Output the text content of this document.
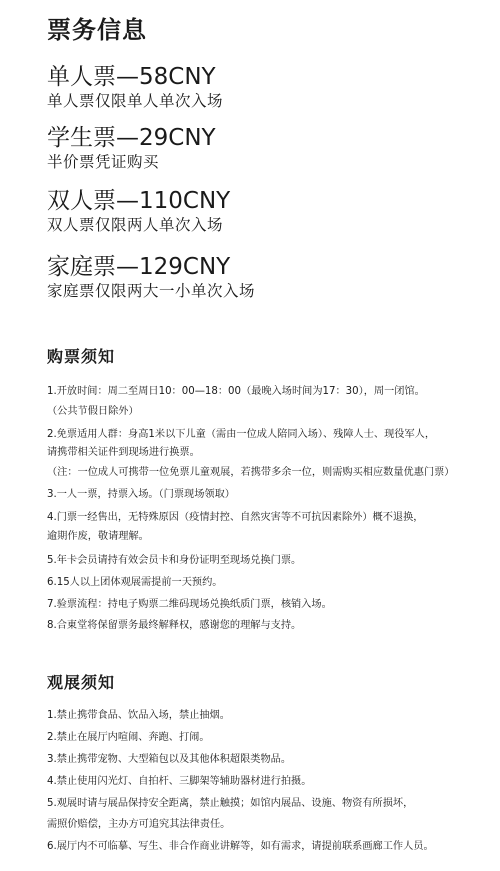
票务信息
单人票—58CNY
单人票仅限单人单次入场
学生票—29CNY
半价票凭证购买
双人票—110CNY
双人票仅限两人单次入场
家庭票—129CNY
家庭票仅限两大一小单次入场
购票须知
1.开放时间：周二至周日10：00—18：00（最晚入场时间为17：30），周一闭馆。
（公共节假日除外）
2.免票适用人群：身高1米以下儿童（需由一位成人陪同入场）、残障人士、现役军人，
请携带相关证件到现场进行换票。
（注：一位成人可携带一位免票儿童观展，若携带多余一位，则需购买相应数量优惠门票）
3.一人一票，持票入场。（门票现场领取）
4.门票一经售出，无特殊原因（疫情封控、自然灾害等不可抗因素除外）概不退换，
逾期作废，敬请理解。
5.年卡会员请持有效会员卡和身份证明至现场兑换门票。
6.15人以上团体观展需提前一天预约。
7.验票流程：持电子购票二维码现场兑换纸质门票，核销入场。
8.合東堂将保留票务最终解释权，感谢您的理解与支持。
观展须知
1.禁止携带食品、饮品入场，禁止抽烟。
2.禁止在展厅内喧闹、奔跑、打闹。
3.禁止携带宠物、大型箱包以及其他体积超限类物品。
4.禁止使用闪光灯、自拍杆、三脚架等辅助器材进行拍摄。
5.观展时请与展品保持安全距离，禁止触摸；如馆内展品、设施、物资有所损坏，
需照价赔偿，主办方可追究其法律责任。
6.展厅内不可临摹、写生、非合作商业讲解等，如有需求，请提前联系画廊工作人员。
